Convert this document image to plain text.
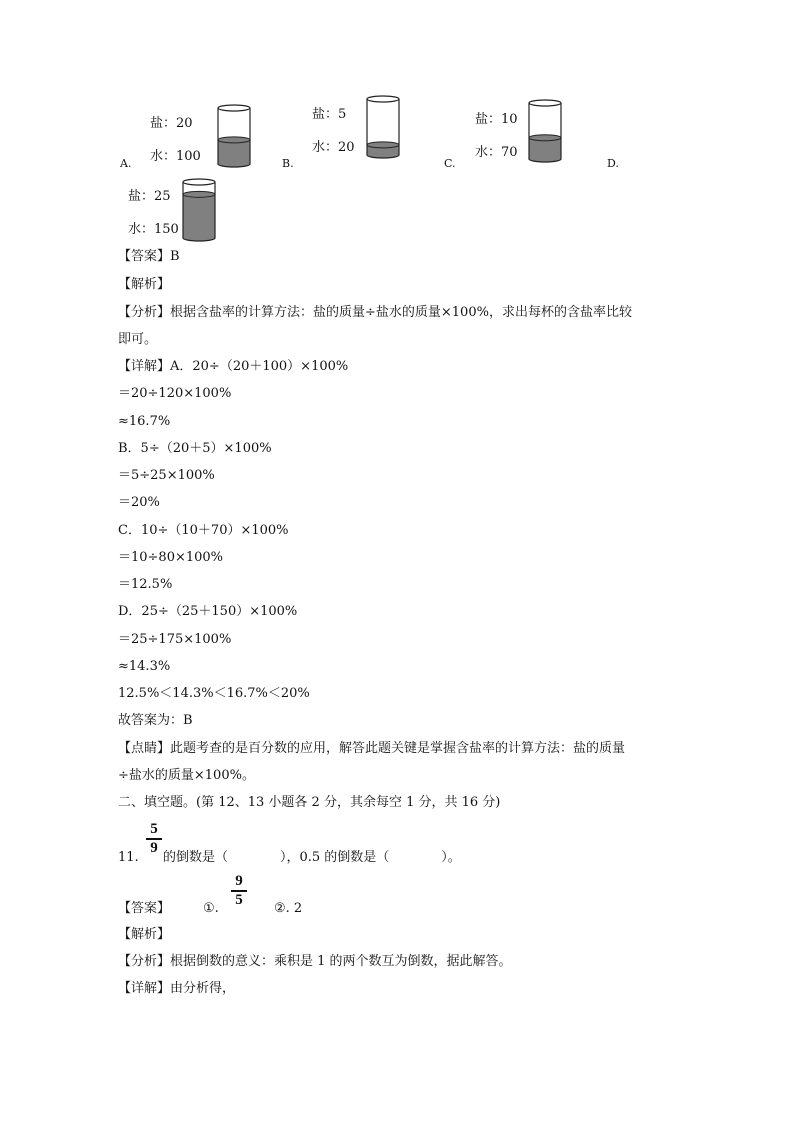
盐：20
水：100
A.
盐：5
水：20
B.
盐：10
水：70
C.	D.
盐：25
水：150
【答案】B
【解析】
【分析】根据含盐率的计算方法：盐的质量÷盐水的质量×100%，求出每杯的含盐率比较
即可。
【详解】A．20÷（20＋100）×100%
＝20÷120×100%
≈16.7%
B．5÷（20＋5）×100%
＝5÷25×100%
＝20%
C．10÷（10＋70）×100%
＝10÷80×100%
＝12.5%
D．25÷（25＋150）×100%
＝25÷175×100%
≈14.3%
12.5%＜14.3%＜16.7%＜20%
故答案为：B
【点睛】此题考查的是百分数的应用，解答此题关键是掌握含盐率的计算方法：盐的质量
÷盐水的质量×100%。
二、填空题。(第 12、13 小题各 2 分，其余每空 1 分，共 16 分)
11.
5
9
的倒数是（　　　　），0.5 的倒数是（　　　　）。
【答案】	①.
9
5
②. 2
【解析】
【分析】根据倒数的意义：乘积是 1 的两个数互为倒数，据此解答。
【详解】由分析得，
